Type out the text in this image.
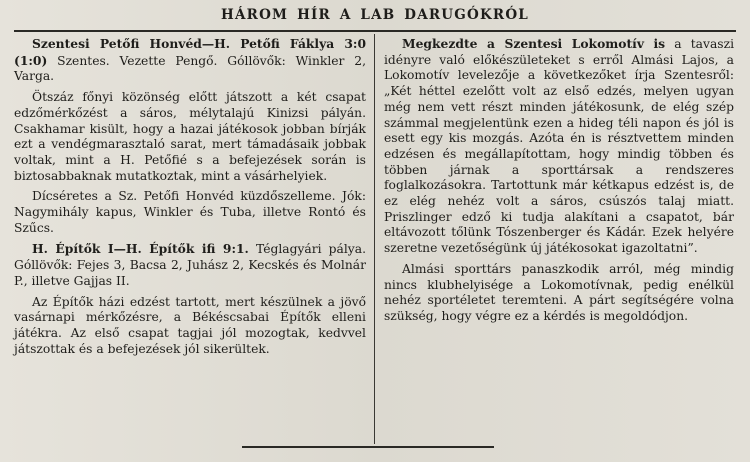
HÁROM HÍR A LAB DARUGÓKRÓL

Szentesi Petőfi Honvéd—H. Petőfi Fáklya 3:0 (1:0) Szentes. Vezette Pengő. Góllövők: Winkler 2, Varga.

Ötszáz főnyi közönség előtt játszott a két csapat edzőmérkőzést a sáros, mélytalajú Kinizsi pályán. Csakhamar kisült, hogy a hazai játékosok jobban bírják ezt a vendégmarasztaló sarat, mert támadásaik jobbak voltak, mint a H. Petőfié s a befejezések során is biztosabbaknak mutatkoztak, mint a vásárhelyiek.

Dícséretes a Sz. Petőfi Honvéd küzdőszelleme. Jók: Nagymihály kapus, Winkler és Tuba, illetve Rontó és Szűcs.

H. Építők I—H. Építők ifi 9:1. Téglagyári pálya. Góllövők: Fejes 3, Bacsa 2, Juhász 2, Kecskés és Molnár P., illetve Gajjas II.

Az Építők házi edzést tartott, mert készülnek a jövő vasárnapi mérkőzésre, a Békéscsabai Építők elleni játékra. Az első csapat tagjai jól mozogtak, kedvvel játszottak és a befejezések jól sikerültek.

Megkezdte a Szentesi Lokomotív is a tavaszi idényre való előkészületeket s erről Almási Lajos, a Lokomotív levelezője a következőket írja Szentesről: „Két héttel ezelőtt volt az első edzés, melyen ugyan még nem vett részt minden játékosunk, de elég szép számmal megjelentünk ezen a hideg téli napon és jól is esett egy kis mozgás. Azóta én is résztvettem minden edzésen és megállapítottam, hogy mindig többen és többen járnak a sporttársak a rendszeres foglalkozásokra. Tartottunk már kétkapus edzést is, de ez elég nehéz volt a sáros, csúszós talaj miatt. Priszlinger edző ki tudja alakítani a csapatot, bár eltávozott tőlünk Tószenberger és Kádár. Ezek helyére szeretne vezetőségünk új játékosokat igazoltatni”.

Almási sporttárs panaszkodik arról, még mindig nincs klubhelyisége a Lokomotívnak, pedig enélkül nehéz sportéletet teremteni. A párt segítségére volna szükség, hogy végre ez a kérdés is megoldódjon.
